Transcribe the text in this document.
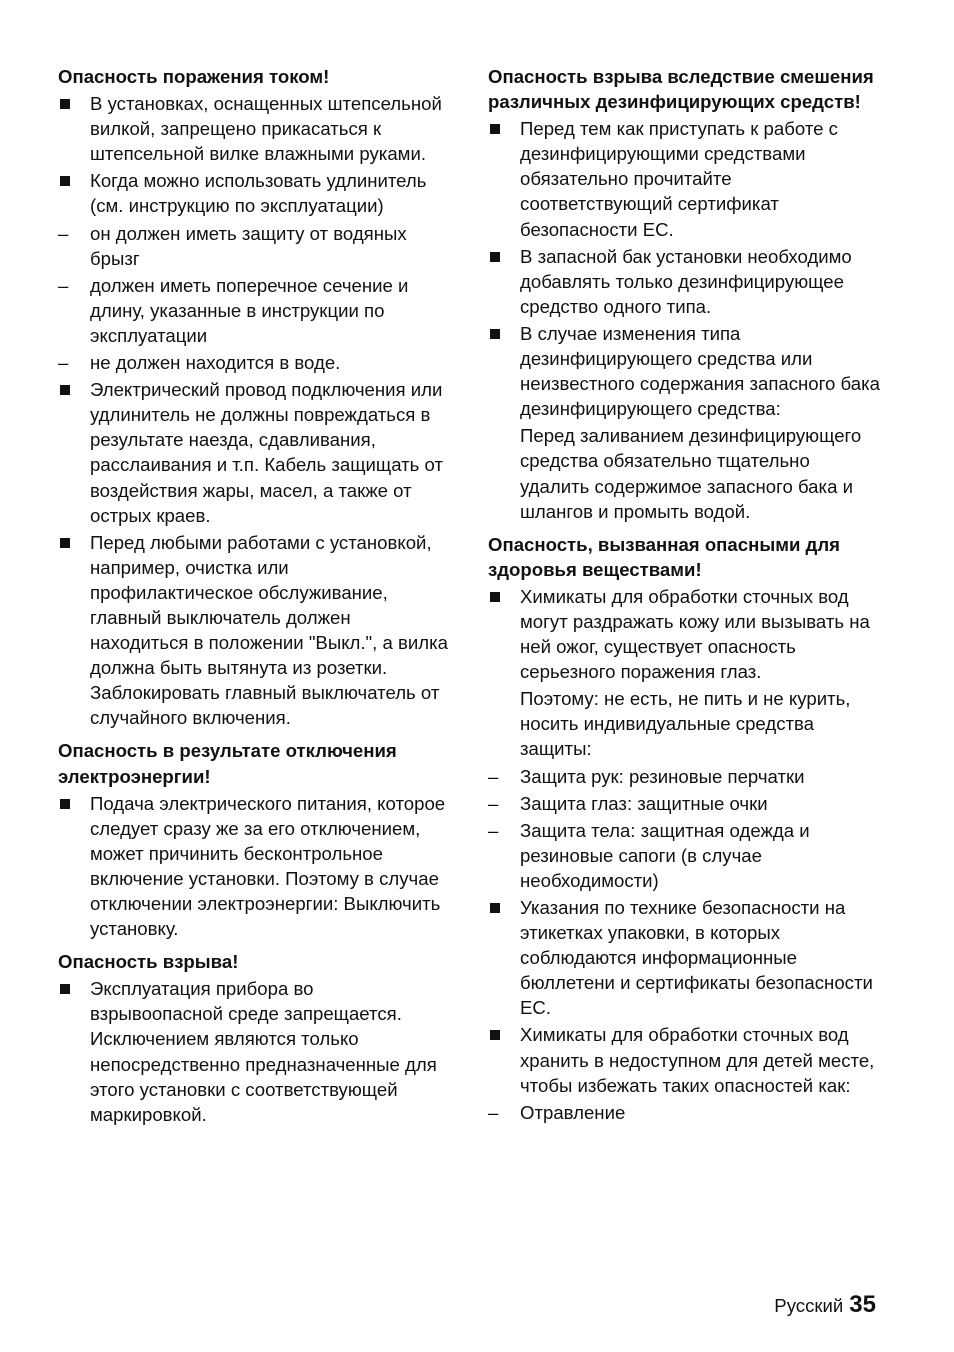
Опасность поражения током!

В установках, оснащенных штепсельной вилкой, запрещено прикасаться к штепсельной вилке влажными руками.
Когда можно использовать удлинитель (см. инструкцию по эксплуатации)
он должен иметь защиту от водяных брызг
должен иметь поперечное сечение и длину, указанные в инструкции по эксплуатации
не должен находится в воде.
Электрический провод подключения или удлинитель не должны повреждаться в результате наезда, сдавливания, расслаивания и т.п. Кабель защищать от воздействия жары, масел, а также от острых краев.
Перед любыми работами с установкой, например, очистка или профилактическое обслуживание, главный выключатель должен находиться в положении "Выкл.", а вилка должна быть вытянута из розетки. Заблокировать главный выключатель от случайного включения.

Опасность в результате отключения электроэнергии!

Подача электрического питания, которое следует сразу же за его отключением, может причинить бесконтрольное включение установки. Поэтому в случае отключении электроэнергии: Выключить установку.

Опасность взрыва!

Эксплуатация прибора во взрывоопасной среде запрещается. Исключением являются только непосредственно предназначенные для этого установки с соответствующей маркировкой.

Опасность взрыва вследствие смешения различных дезинфицирующих средств!

Перед тем как приступать к работе с дезинфицирующими средствами обязательно прочитайте соответствующий сертификат безопасности ЕС.
В запасной бак установки необходимо добавлять только дезинфицирующее средство одного типа.
В случае изменения типа дезинфицирующего средства или неизвестного содержания запасного бака дезинфицирующего средства:
Перед заливанием дезинфицирующего средства обязательно тщательно удалить содержимое запасного бака и шлангов и промыть водой.

Опасность, вызванная опасными для здоровья веществами!

Химикаты для обработки сточных вод могут раздражать кожу или вызывать на ней ожог, существует опасность серьезного поражения глаз.
Поэтому: не есть, не пить и не курить, носить индивидуальные средства защиты:
Защита рук: резиновые перчатки
Защита глаз: защитные очки
Защита тела: защитная одежда и резиновые сапоги (в случае необходимости)
Указания по технике безопасности на этикетках упаковки, в которых соблюдаются информационные бюллетени и сертификаты безопасности ЕС.
Химикаты для обработки сточных вод хранить в недоступном для детей месте, чтобы избежать таких опасностей как:
Отравление
Русский 35
